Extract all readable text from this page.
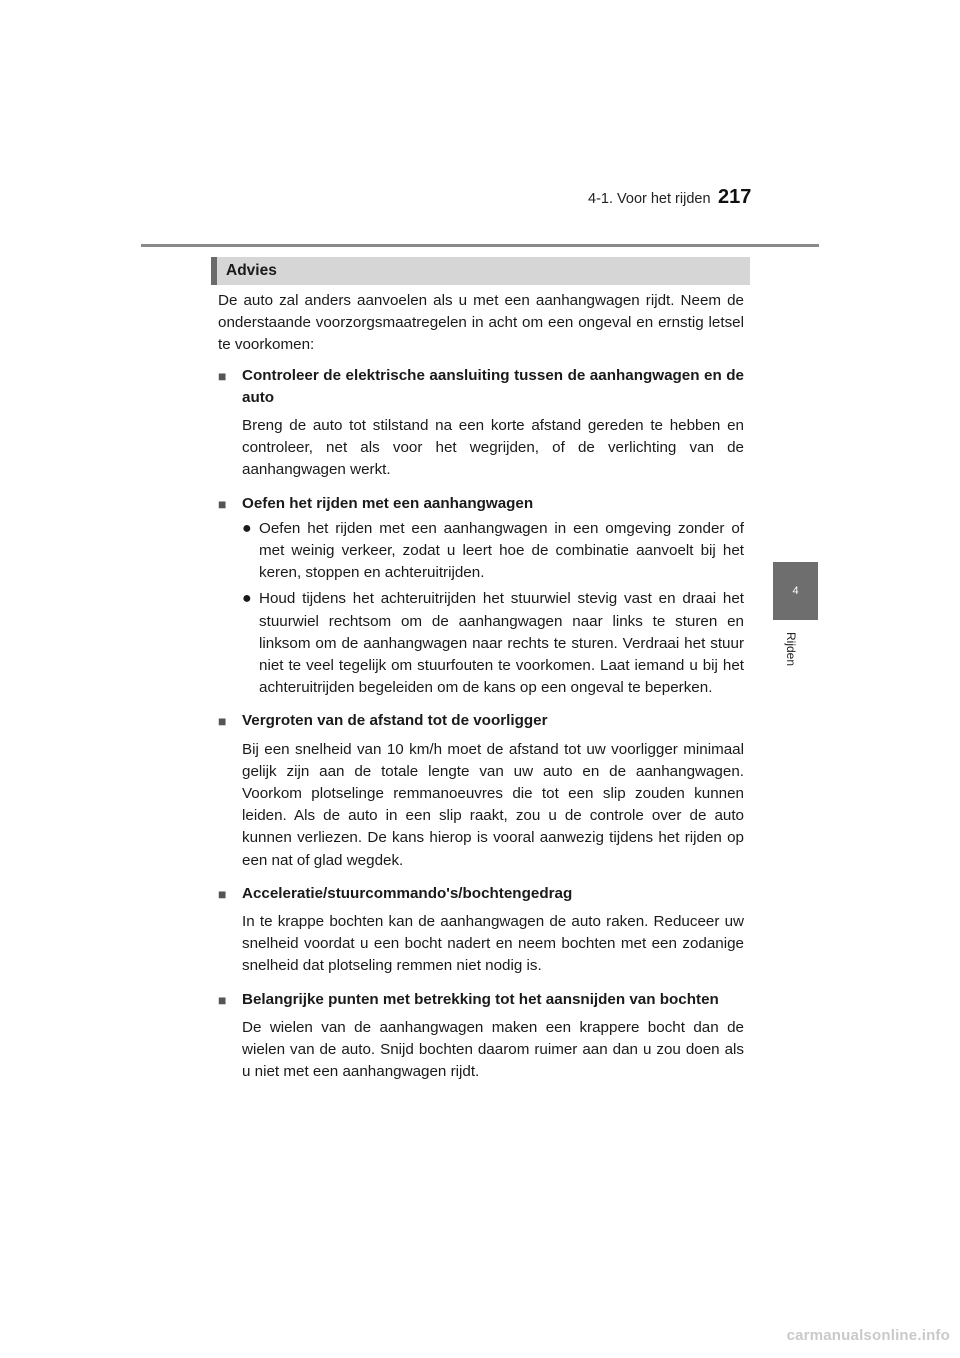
4-1. Voor het rijden 217
4
Rijden
Advies

De auto zal anders aanvoelen als u met een aanhangwagen rijdt. Neem de onderstaande voorzorgsmaatregelen in acht om een ongeval en ernstig letsel te voorkomen:

■	Controleer de elektrische aansluiting tussen de aanhangwagen en de auto

Breng de auto tot stilstand na een korte afstand gereden te hebben en controleer, net als voor het wegrijden, of de verlichting van de aanhangwagen werkt.

■	Oefen het rijden met een aanhangwagen
● Oefen het rijden met een aanhangwagen in een omgeving zonder of met weinig verkeer, zodat u leert hoe de combinatie aanvoelt bij het keren, stoppen en achteruitrijden.
● Houd tijdens het achteruitrijden het stuurwiel stevig vast en draai het stuurwiel rechtsom om de aanhangwagen naar links te sturen en linksom om de aanhangwagen naar rechts te sturen. Verdraai het stuur niet te veel tegelijk om stuurfouten te voorkomen. Laat iemand u bij het achteruitrijden begeleiden om de kans op een ongeval te beperken.
■	Vergroten van de afstand tot de voorligger

Bij een snelheid van 10 km/h moet de afstand tot uw voorligger minimaal gelijk zijn aan de totale lengte van uw auto en de aanhangwagen. Voorkom plotselinge remmanoeuvres die tot een slip zouden kunnen leiden. Als de auto in een slip raakt, zou u de controle over de auto kunnen verliezen. De kans hierop is vooral aanwezig tijdens het rijden op een nat of glad wegdek.

■	Acceleratie/stuurcommando's/bochtengedrag

In te krappe bochten kan de aanhangwagen de auto raken. Reduceer uw snelheid voordat u een bocht nadert en neem bochten met een zodanige snelheid dat plotseling remmen niet nodig is.

■	Belangrijke punten met betrekking tot het aansnijden van bochten

De wielen van de aanhangwagen maken een krappere bocht dan de wielen van de auto. Snijd bochten daarom ruimer aan dan u zou doen als u niet met een aanhangwagen rijdt.

carmanualsonline.info
